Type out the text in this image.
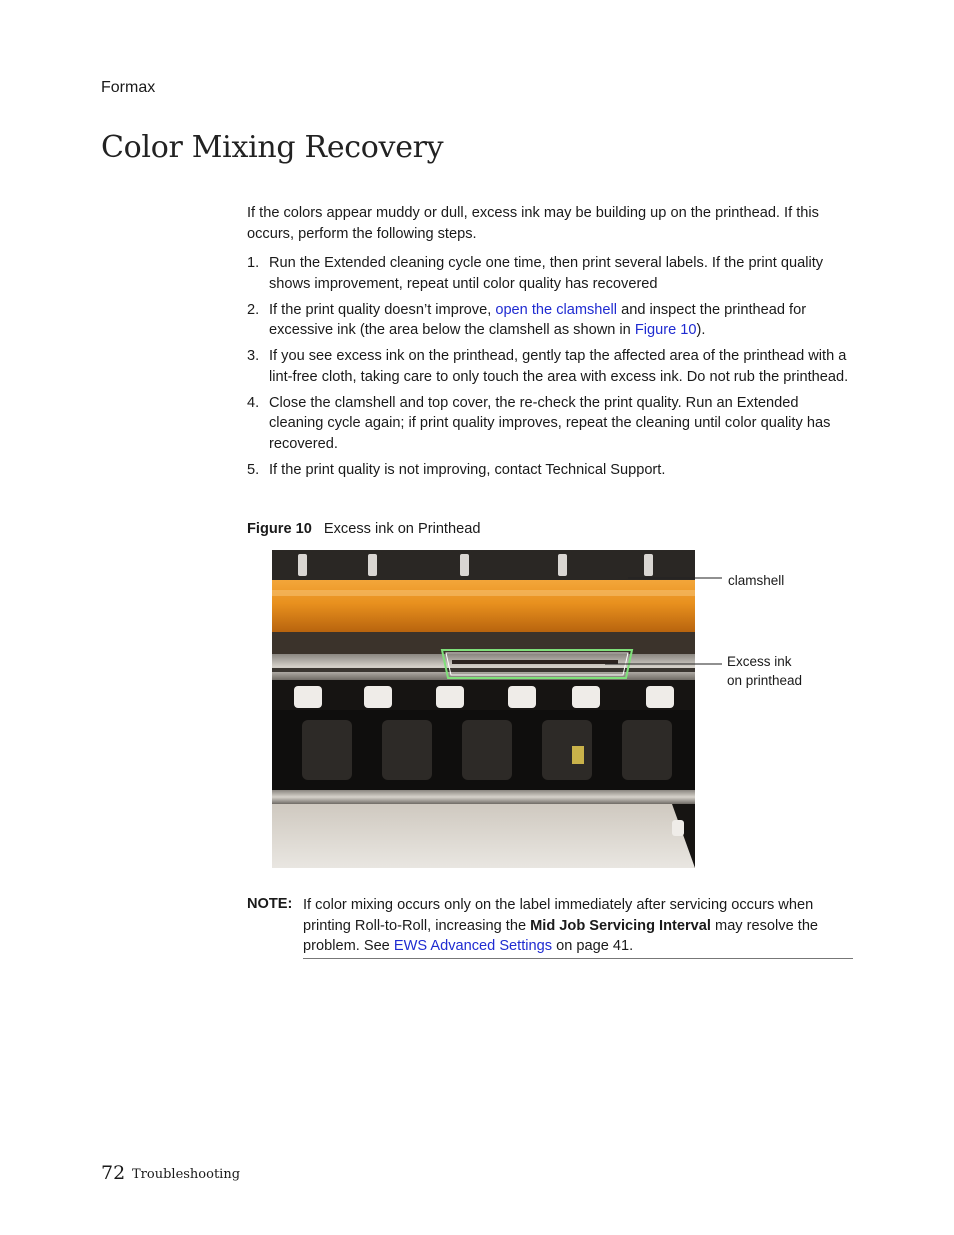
Formax
Color Mixing Recovery
If the colors appear muddy or dull, excess ink may be building up on the printhead. If this occurs, perform the following steps.
1. Run the Extended cleaning cycle one time, then print several labels. If the print quality shows improvement, repeat until color quality has recovered
2. If the print quality doesn’t improve, open the clamshell and inspect the printhead for excessive ink (the area below the clamshell as shown in Figure 10).
3. If you see excess ink on the printhead, gently tap the affected area of the printhead with a lint-free cloth, taking care to only touch the area with excess ink. Do not rub the printhead.
4. Close the clamshell and top cover, the re-check the print quality. Run an Extended cleaning cycle again; if print quality improves, repeat the cleaning until color quality has recovered.
5. If the print quality is not improving, contact Technical Support.
Figure 10 Excess ink on Printhead
clamshell
Excess ink
on printhead
NOTE: If color mixing occurs only on the label immediately after servicing occurs when printing Roll-to-Roll, increasing the Mid Job Servicing Interval may resolve the problem. See EWS Advanced Settings on page 41.
72 Troubleshooting
